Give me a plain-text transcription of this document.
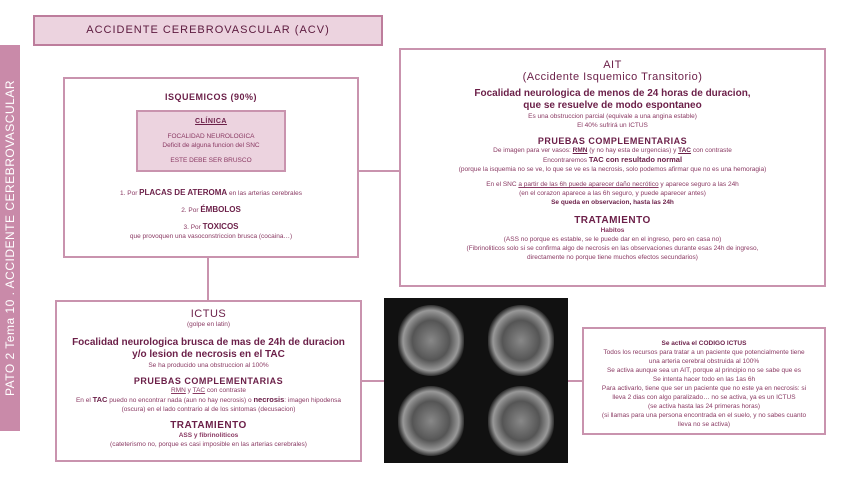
PATO 2 Tema 10 . ACCIDENTE CEREBROVASCULAR
ACCIDENTE CEREBROVASCULAR (ACV)
ISQUEMICOS (90%)
CLÍNICA
FOCALIDAD NEUROLOGICA
Deficit de alguna funcion del SNC
ESTE DEBE SER BRUSCO
1. Por PLACAS DE ATEROMA en las arterias cerebrales
2. Por ÉMBOLOS
3. Por TOXICOS
que provoquen una vasoconstriccion brusca (cocaina…)
AIT
(Accidente Isquemico Transitorio)
Focalidad neurologica de menos de 24 horas de duracion,
que se resuelve de modo espontaneo
Es una obstruccion parcial (equivale a una angina estable)
El 40% sufrirá un ICTUS
PRUEBAS COMPLEMENTARIAS
De imagen para ver vasos: RMN (y no hay esta de urgencias) y TAC con contraste
Encontraremos TAC con resultado normal
(porque la isquemia no se ve, lo que se ve es la necrosis, solo podemos afirmar que no es una hemoragia)
En el SNC a partir de las 6h puede aparecer daño necrótico y aparece seguro a las 24h
(en el corazon aparece a las 6h seguro, y puede aparecer antes)
Se queda en observacion, hasta las 24h
TRATAMIENTO
Habitos
(ASS no porque es estable, se le puede dar en el ingreso, pero en casa no)
(Fibrinoliticos solo si se confirma algo de necrosis en las observaciones durante esas 24h de ingreso,
directamente no porque tiene muchos efectos secundarios)
ICTUS
(golpe en latin)
Focalidad neurologica brusca de mas de 24h de duracion
y/o lesion de necrosis en el TAC
Se ha producido una obstruccion al 100%
PRUEBAS COMPLEMENTARIAS
RMN y TAC con contraste
En el TAC puedo no encontrar nada (aun no hay necrosis) o necrosis: imagen hipodensa
(oscura) en el lado contrario al de los sintomas (decusacion)
TRATAMIENTO
ASS y fibrinoliticos
(cateterismo no, porque es casi imposible en las arterias cerebrales)
Se activa el CODIGO ICTUS
Todos los recursos para tratar a un paciente que potencialmente tiene
una arteria cerebral obstruida al 100%
Se activa aunque sea un AIT, porque al principio no se sabe que es
Se intenta hacer todo en las 1as 6h
Para activarlo, tiene que ser un paciente que no este ya en necrosis: si
lleva 2 dias con algo paralizado… no se activa, ya es un ICTUS
(se activa hasta las 24 primeras horas)
(si llamas para una persona encontrada en el suelo, y no sabes cuanto
lleva no se activa)
